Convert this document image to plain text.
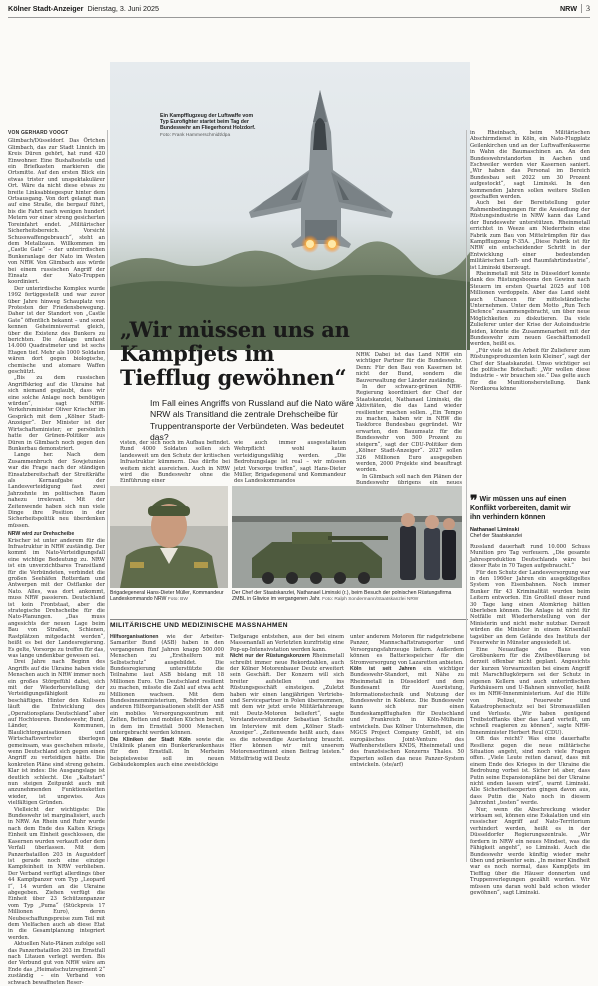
Kölner Stadt-Anzeiger Dienstag, 3. Juni 2025	NRW	3
Ein Kampfflugzeug der Luftwaffe vom Typ Eurofighter startet beim Tag der Bundeswehr am Fliegerhorst Holzdorf. Foto: Frank Hammerschmidt/dpa
„Wir müssen uns an Kampfjets im Tiefflug gewöhnen“
Im Fall eines Angriffs von Russland auf die Nato wäre NRW als Transitland die zentrale Drehscheibe für Truppentransporte der Verbündeten. Was bedeutet das?
VON GERHARD VOOGT

Glimbach/Düsseldorf. Das Örtchen Glimbach, das zur Stadt Linnich im Kreis Düren gehört, hat rund 420 Einwohner. Eine Bushaltestelle und ein Briefkasten markieren die Ortsmitte. Auf den ersten Blick ein etwas trister und unspektakulärer Ort. Wäre da nicht diese etwas zu breite Linksabbiegespur hinter dem Ortsausgang. Von dort gelangt man auf eine Straße, die bergauf führt, bis die Fahrt nach wenigen hundert Metern vor einer streng gesicherten Toreinfahrt endet. „Militärischer Sicherheitsbereich. Vorsicht Schusswaffengebrauch“, steht an dem Metallzaun. Willkommen im „Castle Gate“ – der unterirdischen Bunkeranlage der Nato im Westen von NRW. Von Glimbach aus würde bei einem russischen Angriff der Einsatz der Nato-Truppen koordiniert.

Der unterirdische Komplex wurde 1992 fertiggestellt und war zuvor über Jahre hinweg Schauplatz von Protesten der Friedensbewegung. Daher ist der Standort von „Castle Gate“ öffentlich bekannt – und sonst kennen Geheimnisverrat gleich, über die Existenz des Bunkers zu berichten. Die Anlage umfasst 14.000 Quadratmeter und ist sechs Etagen tief. Mehr als 1000 Soldaten wären dort gegen biologische, chemische und atomare Waffen geschützt.

„Bis zu dem russischen Angriffskrieg auf die Ukraine hat sich niemand geglaubt, dass wir eine solche Anlage noch benötigen würden“, sagt NRW-Verkehrsminister Oliver Krischer im Gespräch mit dem „Kölner Stadt-Anzeiger“. Der Minister ist der Wirtschaftsminister; er persönlich hatte der Grünen-Politiker aus Düren in Glimbach noch gegen den Bunkerbau demonstriert.

Lange her. Nach dem Zusammenbruch der Sowjetunion war die Frage nach der ständigen Einsatzbereitschaft der Streitkräfte als Kernaufgabe der Landesverteidigung fast zwei Jahrzehnte im politischen Raum nahezu irrelevant. Mit der Zeitenwende haben sich nun viele Dinge ihre Position in der Sicherheitspolitik neu überdenken müssen.

NRW wird zur Drehscheibe

Krischer ist unter anderem für die Infrastruktur in NRW zuständig. Der kommt im Nato-Verteidigungsfall eine wichtige Bedeutung zu. NRW ist ein unverzichtbares Transitland für die Verbündeten, verbindet die großen Seehäfen Rotterdam und Antwerpen mit der Ostflanke der Nato. Alles, was dort ankommt, muss NRW passieren. Deutschland ist kein Frontstaat, aber die strategische Drehscheibe für die Nato-Planungen. „Das muss angesichts der neuen Lage beim Bau von Straßen, Schienen, Rastplätzen mitgedacht werden“, heißt es bei der Landesregierung. Es gelte, Vorsorge zu treffen für das, was lange undenkbar gewesen sei.

Drei Jahre nach Beginn des Angriffs auf die Ukraine haben viele Menschen auch in NRW immer noch ein großes Störgefühl dabei, sich mit der Wiederherstellung der Verteidigungsfähigkeit zu beschäftigen. Hinter den Kulissen läuft die Entwicklung des „Operationsplans Deutschland“ aber auf Hochtouren. Bundeswehr, Bund, Länder, Kommunen, Blaulichtorganisationen und Wirtschaftsvertreter überlegen gemeinsam, was geschehen müsste, wenn Deutschland sich gegen einen Angriff zu verteidigen hätte. Die konkreten Pläne sind streng geheim. Klar ist indes: Die Ausgangslage ist deutlich schlecht. Die „Kaltstart“ nun steigen Zeitpunkt auch mit anzunehmenden Funktionsketten wieder, ist ungewiss. Aus vielfältigen Gründen.

Vielleicht der wichtigste: Die Bundeswehr ist marginalisiert, auch in NRW. An Rhein und Ruhr wurde nach dem Ende des Kalten Kriegs Einheit um Einheit geschlossen, die Kasernen wurden verkauft oder dem Verfall überlassen. Mit dem Panzerbataillon 203 in Augustdorf ist gerade noch eine einzige Kampfeinheit in NRW verblieben. Der Verband verfügt allerdings über 44 Kampfpanzer vom Typ „Leopard I“, 14 wurden an die Ukraine abgegeben. Ziehen verfügt die Einheit über 23 Schützenpanzer vom Typ „Puma“ (Stückpreis 17 Millionen Euro), deren Neubeschaffungspreise zum Teil mit dem Vielfachen auch ab diese Etat in die Gesamtplanung integriert werden.

Aktuellen Nato-Plänen zufolge soll das Panzerbataillon 203 im Ernstfall nach Litauen verlegt werden. Bis der Verbund gut von NRW wäre am Ende das „Heimatschutzregiment 2“ zuständig – ein Verband von schwach bewaffneten Reser-

visten, der sich noch im Aufbau befindet. Rund 4000 Soldaten sollen sich landesweit um den Schutz der kritischen Infrastruktur kümmern. Das dürfte bei weitem nicht ausreichen. Auch in NRW wird die Bundeswehr ohne die Einführung einer

wie auch immer ausgestalteten Wehrpflicht wohl kaum verteidigungsfähig werden. „Die Bedrohungslage ist real – wir müssen jetzt Vorsorge treffen“, sagt Hans-Dieter Müller, Brigadegeneral und Kommandeur des Landeskommandos

NRW. Dabei ist das Land NRW ein wichtiger Partner für die Bundeswehr. Denn: Für den Bau von Kasernen ist nicht der Bund, sondern die Bauverwaltung der Länder zuständig.

In der schwarz-grünen NRW-Regierung koordiniert der Chef der Staatskanzlei, Nathanael Liminski, die Aktivitäten, die das Land wieder resilienter machen sollen. „Ein Tempo zu machen, haben wir in NRW die Taskforce Bundesbau gegründet. Wir erwarten, den Bauumsatz für die Bundeswehr von 500 Prozent zu steigern“, sagt der CDU-Politiker dem „Kölner Stadt-Anzeiger“. 2027 sollen 326 Millionen Euro ausgegeben werden, 2000 Projekte sind beauftragt worden.

In Glimbach soll nach den Plänen der Bundeswehr übrigens ein neues

in Rheinbach, beim Militärischen Abschirmdienst in Köln, ein Nato-Flugplatz Geilenkirchen und an der Luftwaffenkaserne in Wahn die Baumaschinen an. An den Bundeswehrstandorten in Aachen und Eschweiler werden vier Kasernen saniert. „Wir haben das Personal im Bereich Bundesbau seit 2022 um 30 Prozent aufgestockt“, sagt Liminski. In den kommenden Jahren sollen weitere Stellen geschaffen werden.

Auch bei der Bereitstellung guter Rahmenbedingungen für die Ansiedlung der Rüstungsindustrie in NRW kann das Land der Bundeswehr unterstützen. Rheinmetall errichtet in Weeze am Niederrhein eine Fabrik zum Bau von Mittelrümpfen für das Kampfflugzeug F-35A. „Diese Fabrik ist für NRW ein entscheidender Schritt in der Entwicklung einer bedeutenden militärischen Luft- und Raumfahrtindustrie“, ist Liminski überzeugt.

Rheinmetall mit Sitz in Düsseldorf konnte dank des Rüstungsbooms den Gewinn nach Steuern im ersten Quartal 2025 auf 108 Millionen verdoppeln. Aber das Land sieht auch Chancen für mittelständische Unternehmen. Unter dem Motto „Run Tech Defence“ zusammengebracht, um über neue Möglichkeiten zu diskutieren. Da viele Zulieferer unter der Krise der Autoindustrie leiden, könnte die Zusammenarbeit mit der Bundeswehr zum neuen Geschäftsmodell werden, heißt es.

„Für viele ist die Arbeit für Zulieferer zum Rüstungsproduzenten kein Kleiner“, sagt der Chef der Staatskanzlei. Umso wichtiger sei die politische Botschaft: „Wir wollen diese Industrie – wir brauchen sie.“ Das gelte auch für die Munitionsherstellung. Dank Nordkorea könne

❞ Wir müssen uns auf einen Konflikt vorbereiten, damit wir ihn verhindern können
Nathanael Liminski
Chef der Staatskanzlei

Russland dauerhaft rund 10.000 Schuss Munition pro Tag verfeuern. „Die gesamte Jahresproduktion Deutschlands wäre bei dieser Rate in 70 Tagen aufgebraucht.“

Für den Schutz der Landesversorgung war in den 1960er Jahren ein ausgeklügeltes System von Eisenbahnen. Noch immer Bunker für 43 Kriminalität wurden beim Leitern entworfen. Ein Großteil dieser rund 30 Tage lang einen Atomkrieg hätten überleben können. Die Anlage ist nicht für Notfälle mit Wiederherstellung von der Ministerin und nicht mehr nutzbar. Derzeit würden die Minister in einem Krisenfall tagsüber an dem Gelände des Instituts der Feuerwehr in Münster angesiedelt ist.

Eine Neuauflage des Baus von Großbunkern für die Zivilbevölkerung ist derzeit offenbar nicht geplant. Angesichts der kurzen Vorwarnzeiten bei einem Angriff mit Marschflugkörpern sei der Schutz in eigenen Kellern und auch unterirdischen Parkhäusern und U-Bahnen sinnvoller, heißt es im NRW-Innenministerium. Auf die Hilfe von Polizei, Feuerwehr und Katastrophenschutz sei bei Stromausfällen und Verluste. „Wir haben genügend Treibstofftanks über das Land verteilt, um schnell reagieren zu können“, sagte NRW-Innenminister Herbert Reul (CDU).

Oft das reicht? Was eine dauerhafte Resilienz gegen die neue militärische Situation angeht, sind noch viele Fragen offen. „Viele Leute reiten darauf, dass mit einem Ende des Krieges in der Ukraine die Bedrohung vorbei ist. Sicher ist aber, dass Putin seine Expansionspläne bei der Ukraine nicht enden lassen wird“, warnt Liminski. Alle Sicherheitsexperten gingen davon aus, dass Putin die Nato noch in diesem Jahrzehnt „testen“ werde.

Nur, wenn die Abschreckung wieder wirksam sei, können eine Eskalation und ein russischer Angriff auf Nato-Territorium verhindert werden, heißt es in der Düsseldorfer Regierungszentrale. „Wir fordern in NRW ein neues Mindset, was die Fähigkeit angeht“, so Liminski. Auch die Bundeswehr werde künftig wieder mehr üben und präsenter sein. „In meiner Kindheit war es noch normal, dass Kampfjets im Tiefflug über die Häuser donnerten und Truppenverlegungen gezählt wurden. Wir müssen uns daran wohl bald schon wieder gewöhnen“, sagt Liminski.

Brigadegeneral Hans-Dieter Müller, Kommandeur Landeskommando NRW Foto: BW
Der Chef der Staatskanzlei, Nathanael Liminski (r.), beim Besuch der polnischen Rüstungsfirma ZMBL in Gliwice im vergangenen Jahr. Foto: Ralph Sondermann/Staatskanzlei NRW
MILITÄRISCHE UND MEDIZINISCHE MASSNAHMEN

Hilfsorganisationen wie der Arbeiter-Samariter Bund (ASB) haben in den vergangenen fünf Jahren knapp 500.000 Menschen zu „Ersthelfern mit Selbstschutz“ ausgebildet. Die Bundesregierung unterstützte die Teilnahme laut ASB bislang mit 18 Millionen Euro. Um Deutschland resilient zu machen, müsste die Zahl auf etwa acht Millionen wachsen. Mit dem Bundesinnenministerium, Behörden und anderen Hilfsorganisationen stellt der ASB ein mobiles Versorgungszentrum mit Zelten, Betten und mobilen Küchen bereit, in dem im Ernstfall 5000 Menschen untergebracht werden können.

Die Kliniken der Stadt Köln sowie die Uniklinik planen ein Bunkerkrankenhaus für den Ernstfall. In Merheim beispielsweise soll im neuen Gebäudekomplex auch eine zweistöckige

Tiefgarage entstehen, aus der bei einem Massenanfall an Verletzten kurzfristig eine Pop-up-Intensivstation werden kann.

Nicht nur der Rüstungskonzern Rheinmetall schreibt immer neue Rekordzahlen, auch der Kölner Motorenbauer Deutz erweitert sein Geschäft. Der Konzern will sich breiter aufstellen und ins Rüstungsgeschäft einsteigen. „Zuletzt haben wir einen langjährigen Vertriebs- und Servicepartner in Polen übernommen, mit dem wir jetzt erste Militärfahrzeuge mit Deutz-Motoren beliefert“, sagte Vorstandsvorsitzender Sebastian Schulte im Interview mit dem „Kölner Stadt-Anzeiger“. „Zeitenwende heißt auch, dass es die notwendige Ausrüstung braucht. Hier können wir mit unserem Motorensortiment einen Beitrag leisten.“ Mittelfristig will Deutz

unter anderem Motoren für radgetriebene Panzer, Mannschaftstransporter und Versorgungsfahrzeuge liefern. Außerdem können es Batteriespeicher für die Stromversorgung von Lazaretten anbieten.

Köln ist seit Jahren ein wichtiger Bundeswehr-Standort, mit Nähe zu Rheinmetall in Düsseldorf und dem Bundesamt für Ausrüstung, Informationstechnik und Nutzung der Bundeswehr in Koblenz. Die Bundeswehr kann sich nur einen Bundeskampfflughafen für Deutschland und Frankreich in Köln-Mülheim entwickeln. Das Kölner Unternehmen, die MGCS Project Company GmbH, ist ein europäisches Joint-Venture des Waffenherstellers KNDS, Rheinmetall und des französischen Konzerns Thales. 50 Experten sollen das neue Panzer-System entwickeln. (ste/arf)
